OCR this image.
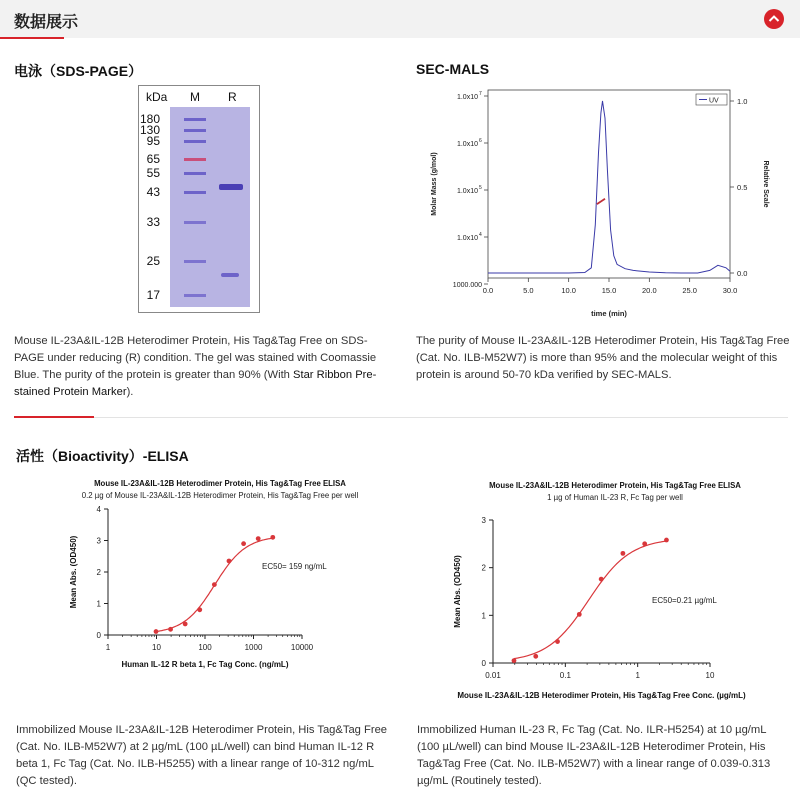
数据展示
电泳（SDS-PAGE）
kDa M R
180
130
95
65
55
43
33
25
17
Mouse IL-23A&IL-12B Heterodimer Protein, His Tag&Tag Free on SDS-PAGE under reducing (R) condition. The gel was stained with Coomassie Blue. The purity of the protein is greater than 90% (With Star Ribbon Pre-stained Protein Marker).
SEC-MALS
0.0	5.0	10.0	15.0	20.0	25.0	30.0
1000.000
1.0x10 4
1.0x10 5
1.0x10 6
1.0x10 7
0.0
0.5
1.0
time (min)
Molar Mass (g/mol)	Relative Scale
UV
The purity of Mouse IL-23A&IL-12B Heterodimer Protein, His Tag&Tag Free (Cat. No. ILB-M52W7) is more than 95% and the molecular weight of this protein is around 50-70 kDa verified by SEC-MALS.
活性（Bioactivity）-ELISA
Mouse IL-23A&IL-12B Heterodimer Protein, His Tag&Tag Free ELISA
0.2 µg of Mouse IL-23A&IL-12B Heterodimer Protein, His Tag&Tag Free per well
0
1
2
3
4
1	10	100	1000	10000
Human IL-12 R beta 1, Fc Tag Conc. (ng/mL)
Mean Abs. (OD450)	EC50= 159 ng/mL
Mouse IL-23A&IL-12B Heterodimer Protein, His Tag&Tag Free ELISA
1 µg of Human IL-23 R, Fc Tag per well
0
1
2
3
0.01	0.1	1	10
Mouse IL-23A&IL-12B Heterodimer Protein, His Tag&Tag Free Conc. (µg/mL)
Mean Abs. (OD450)	EC50=0.21 µg/mL
Immobilized Mouse IL-23A&IL-12B Heterodimer Protein, His Tag&Tag Free (Cat. No. ILB-M52W7) at 2 µg/mL (100 µL/well) can bind Human IL-12 R beta 1, Fc Tag (Cat. No. ILB-H5255) with a linear range of 10-312 ng/mL (QC tested).
Immobilized Human IL-23 R, Fc Tag (Cat. No. ILR-H5254) at 10 µg/mL (100 µL/well) can bind Mouse IL-23A&IL-12B Heterodimer Protein, His Tag&Tag Free (Cat. No. ILB-M52W7) with a linear range of 0.039-0.313 µg/mL (Routinely tested).
